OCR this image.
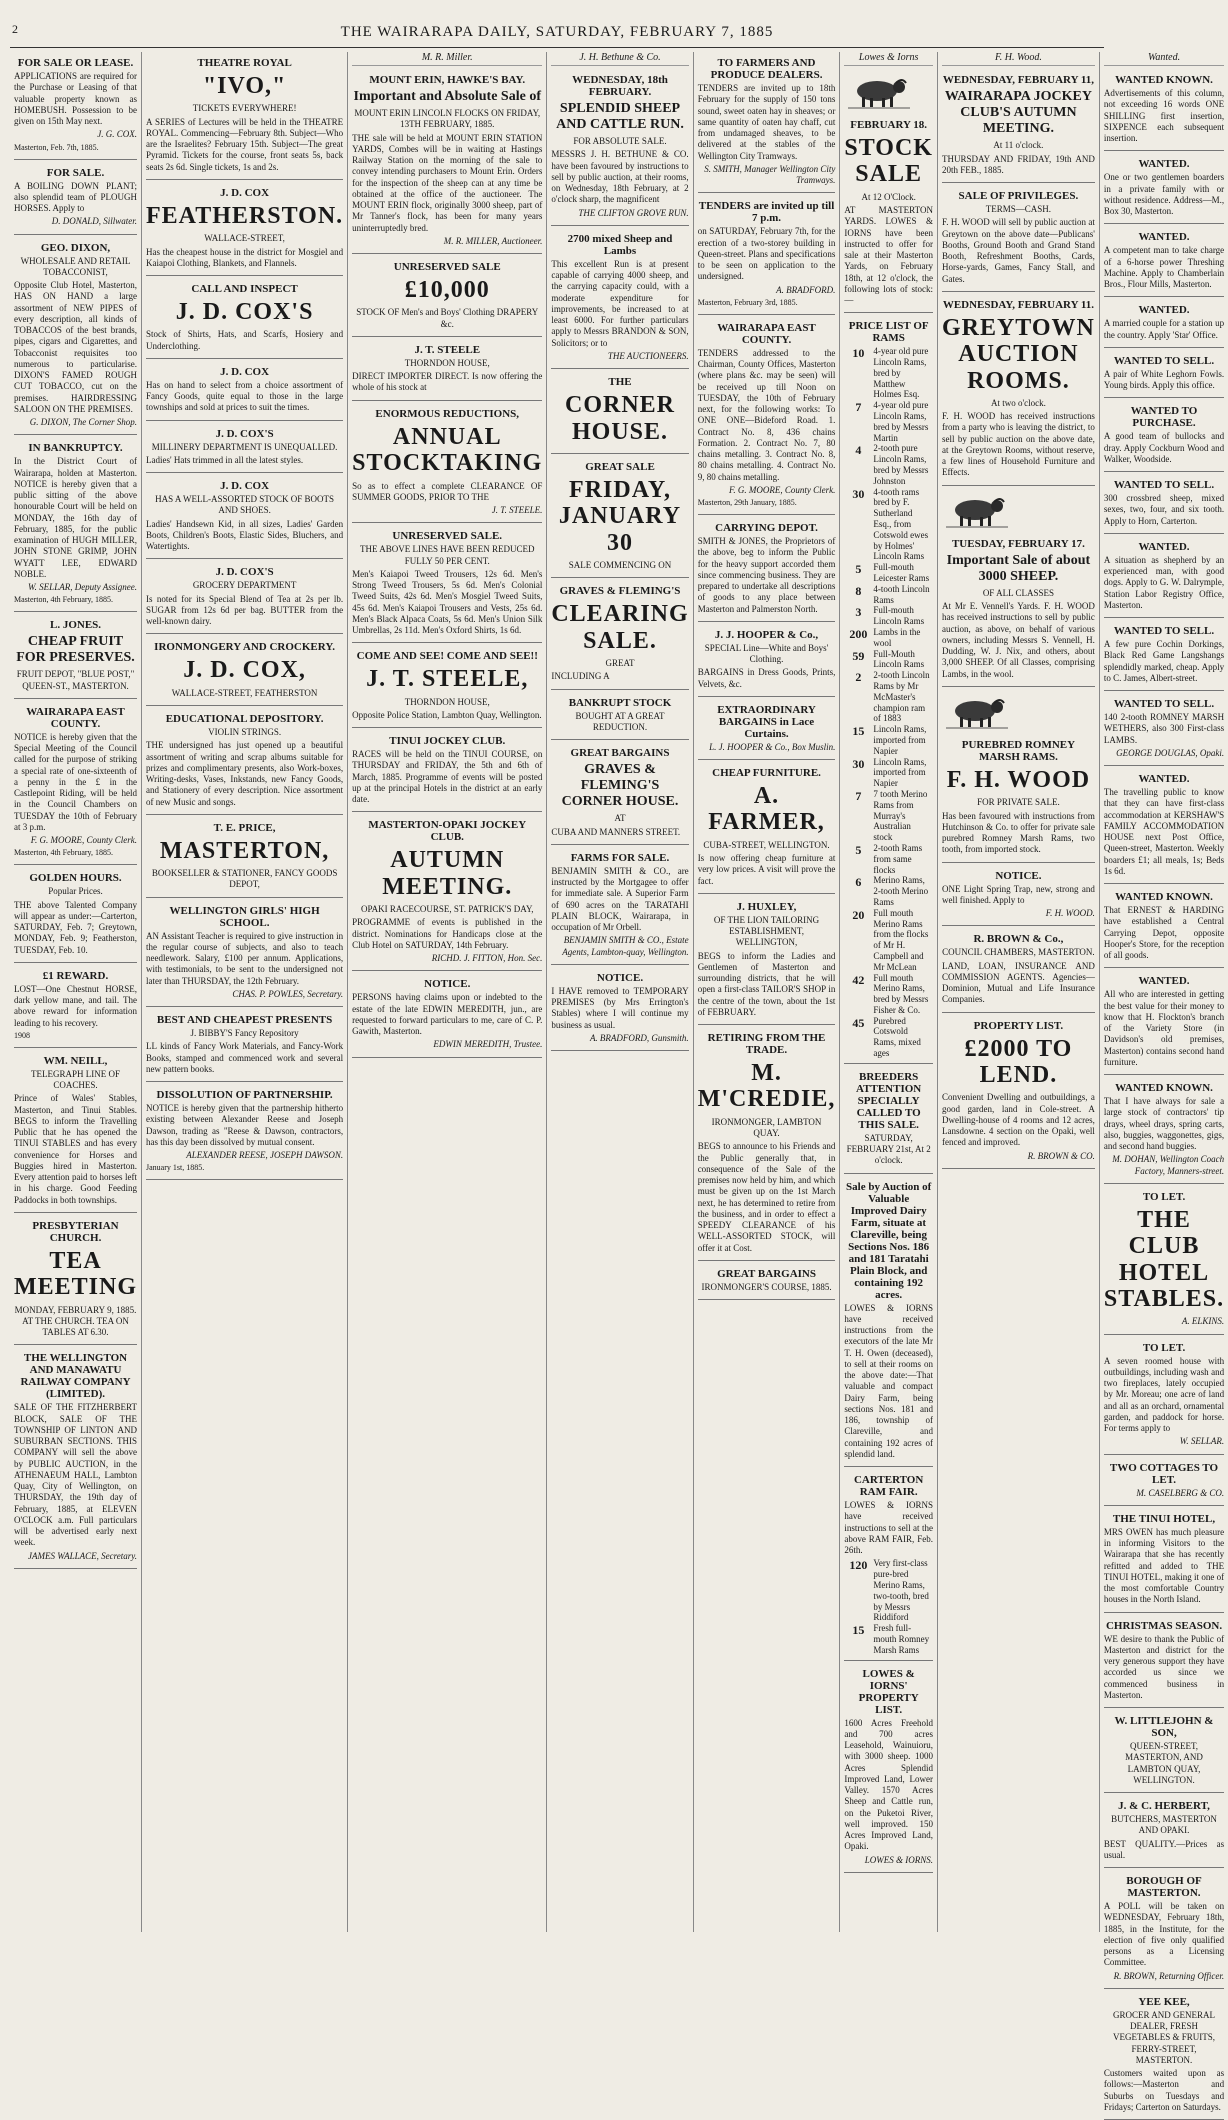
2	THE WAIRARAPA DAILY, SATURDAY, FEBRUARY 7, 1885
FOR SALE OR LEASE.
APPLICATIONS are required for the Purchase or Leasing of that valuable property known as HOMEBUSH. Possession to be given on 15th May next.
J. G. COX.
Masterton, Feb. 7th, 1885.
FOR SALE.
A BOILING DOWN PLANT; also splendid team of PLOUGH HORSES. Apply to
D. DONALD, Sillwater.
GEO. DIXON,
WHOLESALE AND RETAIL TOBACCONIST,
Opposite Club Hotel, Masterton, HAS ON HAND a large assortment of NEW PIPES of every description, all kinds of TOBACCOS of the best brands, pipes, cigars and Cigarettes, and Tobacconist requisites too numerous to particularise. DIXON'S FAMED ROUGH CUT TOBACCO, cut on the premises. HAIRDRESSING SALOON ON THE PREMISES.
G. DIXON, The Corner Shop.
IN BANKRUPTCY.
In the District Court of Wairarapa, holden at Masterton. NOTICE is hereby given that a public sitting of the above honourable Court will be held on MONDAY, the 16th day of February, 1885, for the public examination of HUGH MILLER, JOHN STONE GRIMP, JOHN WYATT LEE, EDWARD NOBLE.
W. SELLAR, Deputy Assignee.
Masterton, 4th February, 1885.
L. JONES.
CHEAP FRUIT FOR PRESERVES.
FRUIT DEPOT, "BLUE POST," QUEEN-ST., MASTERTON.
WAIRARAPA EAST COUNTY.
NOTICE is hereby given that the Special Meeting of the Council called for the purpose of striking a special rate of one-sixteenth of a penny in the £ in the Castlepoint Riding, will be held in the Council Chambers on TUESDAY the 10th of February at 3 p.m.
F. G. MOORE, County Clerk.
Masterton, 4th February, 1885.
GOLDEN HOURS.
Popular Prices.
THE above Talented Company will appear as under:—Carterton, SATURDAY, Feb. 7; Greytown, MONDAY, Feb. 9; Featherston, TUESDAY, Feb. 10.
£1 REWARD.
LOST—One Chestnut HORSE, dark yellow mane, and tail. The above reward for information leading to his recovery.
1908
WM. NEILL,
TELEGRAPH LINE OF COACHES.
Prince of Wales' Stables, Masterton, and Tinui Stables. BEGS to inform the Travelling Public that he has opened the TINUI STABLES and has every convenience for Horses and Buggies hired in Masterton. Every attention paid to horses left in his charge. Good Feeding Paddocks in both townships.
PRESBYTERIAN CHURCH.
TEA MEETING
MONDAY, FEBRUARY 9, 1885. AT THE CHURCH. TEA ON TABLES AT 6.30.
THE WELLINGTON AND MANAWATU RAILWAY COMPANY (LIMITED).
SALE OF THE FITZHERBERT BLOCK, SALE OF THE TOWNSHIP OF LINTON AND SUBURBAN SECTIONS. THIS COMPANY will sell the above by PUBLIC AUCTION, in the ATHENAEUM HALL, Lambton Quay, City of Wellington, on THURSDAY, the 19th day of February, 1885, at ELEVEN O'CLOCK a.m. Full particulars will be advertised early next week.
JAMES WALLACE, Secretary.
THEATRE ROYAL
"IVO,"
TICKETS EVERYWHERE!
A SERIES of Lectures will be held in the THEATRE ROYAL. Commencing—February 8th. Subject—Who are the Israelites? February 15th. Subject—The great Pyramid. Tickets for the course, front seats 5s, back seats 2s 6d. Single tickets, 1s and 2s.
J. D. COX
FEATHERSTON.
WALLACE-STREET,
Has the cheapest house in the district for Mosgiel and Kaiapoi Clothing, Blankets, and Flannels.
CALL AND INSPECT
J. D. COX'S
Stock of Shirts, Hats, and Scarfs, Hosiery and Underclothing.
J. D. COX
Has on hand to select from a choice assortment of Fancy Goods, quite equal to those in the large townships and sold at prices to suit the times.
J. D. COX'S
MILLINERY DEPARTMENT IS UNEQUALLED.
Ladies' Hats trimmed in all the latest styles.
J. D. COX
HAS A WELL-ASSORTED STOCK OF BOOTS AND SHOES.
Ladies' Handsewn Kid, in all sizes, Ladies' Garden Boots, Children's Boots, Elastic Sides, Bluchers, and Watertights.
J. D. COX'S
GROCERY DEPARTMENT
Is noted for its Special Blend of Tea at 2s per lb. SUGAR from 12s 6d per bag. BUTTER from the well-known dairy.
IRONMONGERY AND CROCKERY.
J. D. COX,
WALLACE-STREET, FEATHERSTON
EDUCATIONAL DEPOSITORY.
VIOLIN STRINGS.
THE undersigned has just opened up a beautiful assortment of writing and scrap albums suitable for prizes and complimentary presents, also Work-boxes, Writing-desks, Vases, Inkstands, new Fancy Goods, and Stationery of every description. Nice assortment of new Music and songs.
T. E. PRICE,
MASTERTON,
BOOKSELLER & STATIONER, FANCY GOODS DEPOT,
WELLINGTON GIRLS' HIGH SCHOOL.
AN Assistant Teacher is required to give instruction in the regular course of subjects, and also to teach needlework. Salary, £100 per annum. Applications, with testimonials, to be sent to the undersigned not later than THURSDAY, the 12th February.
CHAS. P. POWLES, Secretary.
BEST AND CHEAPEST PRESENTS
J. BIBBY'S Fancy Repository
LL kinds of Fancy Work Materials, and Fancy-Work Books, stamped and commenced work and several new pattern books.
DISSOLUTION OF PARTNERSHIP.
NOTICE is hereby given that the partnership hitherto existing between Alexander Reese and Joseph Dawson, trading as "Reese & Dawson, contractors, has this day been dissolved by mutual consent.
ALEXANDER REESE, JOSEPH DAWSON.
January 1st, 1885.
M. R. Miller.
MOUNT ERIN, HAWKE'S BAY.
Important and Absolute Sale of
MOUNT ERIN LINCOLN FLOCKS ON FRIDAY, 13TH FEBRUARY, 1885.
THE sale will be held at MOUNT ERIN STATION YARDS, Combes will be in waiting at Hastings Railway Station on the morning of the sale to convey intending purchasers to Mount Erin. Orders for the inspection of the sheep can at any time be obtained at the office of the auctioneer. The MOUNT ERIN flock, originally 3000 sheep, part of Mr Tanner's flock, has been for many years uninterruptedly bred.
M. R. MILLER, Auctioneer.
UNRESERVED SALE
£10,000
STOCK OF Men's and Boys' Clothing DRAPERY &c.
J. T. STEELE
THORNDON HOUSE,
DIRECT IMPORTER DIRECT. Is now offering the whole of his stock at
ENORMOUS REDUCTIONS,
ANNUAL STOCKTAKING
So as to effect a complete CLEARANCE OF SUMMER GOODS, PRIOR TO THE
J. T. STEELE.
UNRESERVED SALE.
THE ABOVE LINES HAVE BEEN REDUCED FULLY 50 PER CENT.
Men's Kaiapoi Tweed Trousers, 12s 6d. Men's Strong Tweed Trousers, 5s 6d. Men's Colonial Tweed Suits, 42s 6d. Men's Mosgiel Tweed Suits, 45s 6d. Men's Kaiapoi Trousers and Vests, 25s 6d. Men's Black Alpaca Coats, 5s 6d. Men's Union Silk Umbrellas, 2s 11d. Men's Oxford Shirts, 1s 6d.
COME AND SEE! COME AND SEE!!
J. T. STEELE,
THORNDON HOUSE,
Opposite Police Station, Lambton Quay, Wellington.
TINUI JOCKEY CLUB.
RACES will be held on the TINUI COURSE, on THURSDAY and FRIDAY, the 5th and 6th of March, 1885. Programme of events will be posted up at the principal Hotels in the district at an early date.
MASTERTON-OPAKI JOCKEY CLUB.
AUTUMN MEETING.
OPAKI RACECOURSE, ST. PATRICK'S DAY,
PROGRAMME of events is published in the district. Nominations for Handicaps close at the Club Hotel on SATURDAY, 14th February.
RICHD. J. FITTON, Hon. Sec.
NOTICE.
PERSONS having claims upon or indebted to the estate of the late EDWIN MEREDITH, jun., are requested to forward particulars to me, care of C. P. Gawith, Masterton.
EDWIN MEREDITH, Trustee.
J. H. Bethune & Co.
WEDNESDAY, 18th FEBRUARY.
SPLENDID SHEEP AND CATTLE RUN.
FOR ABSOLUTE SALE.
MESSRS J. H. BETHUNE & CO. have been favoured by instructions to sell by public auction, at their rooms, on Wednesday, 18th February, at 2 o'clock sharp, the magnificent
THE CLIFTON GROVE RUN.
2700 mixed Sheep and Lambs
This excellent Run is at present capable of carrying 4000 sheep, and the carrying capacity could, with a moderate expenditure for improvements, be increased to at least 6000. For further particulars apply to Messrs BRANDON & SON, Solicitors; or to
THE AUCTIONEERS.
THE
CORNER HOUSE.
GREAT SALE
FRIDAY, JANUARY 30
SALE COMMENCING ON
GRAVES & FLEMING'S
CLEARING SALE.
GREAT
INCLUDING A
BANKRUPT STOCK
BOUGHT AT A GREAT REDUCTION.
GREAT BARGAINS
GRAVES & FLEMING'S CORNER HOUSE.
AT
CUBA AND MANNERS STREET.
FARMS FOR SALE.
BENJAMIN SMITH & CO., are instructed by the Mortgagee to offer for immediate sale. A Superior Farm of 690 acres on the TARATAHI PLAIN BLOCK, Wairarapa, in occupation of Mr Orbell.
BENJAMIN SMITH & CO., Estate Agents, Lambton-quay, Wellington.
NOTICE.
I HAVE removed to TEMPORARY PREMISES (by Mrs Errington's Stables) where I will continue my business as usual.
A. BRADFORD, Gunsmith.
TO FARMERS AND PRODUCE DEALERS.
TENDERS are invited up to 18th February for the supply of 150 tons sound, sweet oaten hay in sheaves; or same quantity of oaten hay chaff, cut from undamaged sheaves, to be delivered at the stables of the Wellington City Tramways.
S. SMITH, Manager Wellington City Tramways.
TENDERS are invited up till 7 p.m.
on SATURDAY, February 7th, for the erection of a two-storey building in Queen-street. Plans and specifications to be seen on application to the undersigned.
A. BRADFORD.
Masterton, February 3rd, 1885.
WAIRARAPA EAST COUNTY.
TENDERS addressed to the Chairman, County Offices, Masterton (where plans &c. may be seen) will be received up till Noon on TUESDAY, the 10th of February next, for the following works: To ONE ONE—Bideford Road. 1. Contract No. 8, 436 chains Formation. 2. Contract No. 7, 80 chains metalling. 3. Contract No. 8, 80 chains metalling. 4. Contract No. 9, 80 chains metalling.
F. G. MOORE, County Clerk.
Masterton, 29th January, 1885.
CARRYING DEPOT.
SMITH & JONES, the Proprietors of the above, beg to inform the Public for the heavy support accorded them since commencing business. They are prepared to undertake all descriptions of goods to any place between Masterton and Palmerston North.
J. J. HOOPER & Co.,
SPECIAL Line—White and Boys' Clothing.
BARGAINS in Dress Goods, Prints, Velvets, &c.
EXTRAORDINARY BARGAINS in Lace Curtains.
L. J. HOOPER & Co., Box Muslin.
CHEAP FURNITURE.
A. FARMER,
CUBA-STREET, WELLINGTON.
Is now offering cheap furniture at very low prices. A visit will prove the fact.
J. HUXLEY,
OF THE LION TAILORING ESTABLISHMENT, WELLINGTON,
BEGS to inform the Ladies and Gentlemen of Masterton and surrounding districts, that he will open a first-class TAILOR'S SHOP in the centre of the town, about the 1st of FEBRUARY.
RETIRING FROM THE TRADE.
M. M'CREDIE,
IRONMONGER, LAMBTON QUAY.
BEGS to announce to his Friends and the Public generally that, in consequence of the Sale of the premises now held by him, and which must be given up on the 1st March next, he has determined to retire from the business, and in order to effect a SPEEDY CLEARANCE of his WELL-ASSORTED STOCK, will offer it at Cost.
GREAT BARGAINS
IRONMONGER'S COURSE, 1885.
Lowes & Iorns
FEBRUARY 18.
STOCK SALE
At 12 O'Clock.
AT MASTERTON YARDS. LOWES & IORNS have been instructed to offer for sale at their Masterton Yards, on February 18th, at 12 o'clock, the following lots of stock:—
PRICE LIST OF RAMS
10	4-year old pure Lincoln Rams, bred by Matthew Holmes Esq.
7	4-year old pure Lincoln Rams, bred by Messrs Martin
4	2-tooth pure Lincoln Rams, bred by Messrs Johnston
30	4-tooth rams bred by F. Sutherland Esq., from Cotswold ewes by Holmes' Lincoln Rams
5	Full-mouth Leicester Rams
8	4-tooth Lincoln Rams
3	Full-mouth Lincoln Rams
200	Lambs in the wool
59	Full-Mouth Lincoln Rams
2	2-tooth Lincoln Rams by Mr McMaster's champion ram of 1883
15	Lincoln Rams, imported from Napier
30	Lincoln Rams, imported from Napier
7	7 tooth Merino Rams from Murray's Australian stock
5	2-tooth Rams from same flocks
6	Merino Rams, 2-tooth Merino Rams
20	Full mouth Merino Rams from the flocks of Mr H. Campbell and Mr McLean
42	Full mouth Merino Rams, bred by Messrs Fisher & Co.
45	Purebred Cotswold Rams, mixed ages
BREEDERS ATTENTION SPECIALLY CALLED TO THIS SALE.
SATURDAY, FEBRUARY 21st, At 2 o'clock.
Sale by Auction of Valuable Improved Dairy Farm, situate at Clareville, being Sections Nos. 186 and 181 Taratahi Plain Block, and containing 192 acres.
LOWES & IORNS have received instructions from the executors of the late Mr T. H. Owen (deceased), to sell at their rooms on the above date:—That valuable and compact Dairy Farm, being sections Nos. 181 and 186, township of Clareville, and containing 192 acres of splendid land.
CARTERTON RAM FAIR.
LOWES & IORNS have received instructions to sell at the above RAM FAIR, Feb. 26th.
120	Very first-class pure-bred Merino Rams, two-tooth, bred by Messrs Riddiford
15	Fresh full-mouth Romney Marsh Rams
LOWES & IORNS' PROPERTY LIST.
1600 Acres Freehold and 700 acres Leasehold, Wainuioru, with 3000 sheep. 1000 Acres Splendid Improved Land, Lower Valley. 1570 Acres Sheep and Cattle run, on the Puketoi River, well improved. 150 Acres Improved Land, Opaki.
LOWES & IORNS.
F. H. Wood.
WEDNESDAY, FEBRUARY 11,
WAIRARAPA JOCKEY CLUB'S AUTUMN MEETING.
At 11 o'clock.
THURSDAY AND FRIDAY, 19th AND 20th FEB., 1885.
SALE OF PRIVILEGES.
TERMS—CASH.
F. H. WOOD will sell by public auction at Greytown on the above date—Publicans' Booths, Ground Booth and Grand Stand Booth, Refreshment Booths, Cards, Horse-yards, Games, Fancy Stall, and Gates.
WEDNESDAY, FEBRUARY 11.
GREYTOWN AUCTION ROOMS.
At two o'clock.
F. H. WOOD has received instructions from a party who is leaving the district, to sell by public auction on the above date, at the Greytown Rooms, without reserve, a few lines of Household Furniture and Effects.
TUESDAY, FEBRUARY 17.
Important Sale of about 3000 SHEEP.
OF ALL CLASSES
At Mr E. Vennell's Yards. F. H. WOOD has received instructions to sell by public auction, as above, on behalf of various owners, including Messrs S. Vennell, H. Dudding, W. J. Nix, and others, about 3,000 SHEEP. Of all Classes, comprising Lambs, in the wool.
PUREBRED ROMNEY MARSH RAMS.
F. H. WOOD
FOR PRIVATE SALE.
Has been favoured with instructions from Hutchinson & Co. to offer for private sale purebred Romney Marsh Rams, two tooth, from imported stock.
NOTICE.
ONE Light Spring Trap, new, strong and well finished. Apply to
F. H. WOOD.
R. BROWN & Co.,
COUNCIL CHAMBERS, MASTERTON.
LAND, LOAN, INSURANCE AND COMMISSION AGENTS. Agencies—Dominion, Mutual and Life Insurance Companies.
PROPERTY LIST.
£2000 TO LEND.
Convenient Dwelling and outbuildings, a good garden, land in Cole-street. A Dwelling-house of 4 rooms and 12 acres, Lansdowne. 4 section on the Opaki, well fenced and improved.
R. BROWN & CO.
Wanted.
WANTED KNOWN.
Advertisements of this column, not exceeding 16 words ONE SHILLING first insertion, SIXPENCE each subsequent insertion.
WANTED.
One or two gentlemen boarders in a private family with or without residence. Address—M., Box 30, Masterton.
WANTED.
A competent man to take charge of a 6-horse power Threshing Machine. Apply to Chamberlain Bros., Flour Mills, Masterton.
WANTED.
A married couple for a station up the country. Apply 'Star' Office.
WANTED TO SELL.
A pair of White Leghorn Fowls. Young birds. Apply this office.
WANTED TO PURCHASE.
A good team of bullocks and dray. Apply Cockburn Wood and Walker, Woodside.
WANTED TO SELL.
300 crossbred sheep, mixed sexes, two, four, and six tooth. Apply to Horn, Carterton.
WANTED.
A situation as shepherd by an experienced man, with good dogs. Apply to G. W. Dalrymple, Station Labor Registry Office, Masterton.
WANTED TO SELL.
A few pure Cochin Dorkings, Black Red Game Langshangs splendidly marked, cheap. Apply to C. James, Albert-street.
WANTED TO SELL.
140 2-tooth ROMNEY MARSH WETHERS, also 300 First-class LAMBS.
GEORGE DOUGLAS, Opaki.
WANTED.
The travelling public to know that they can have first-class accommodation at KERSHAW'S FAMILY ACCOMMODATION HOUSE next Post Office, Queen-street, Masterton. Weekly boarders £1; all meals, 1s; Beds 1s 6d.
WANTED KNOWN.
That ERNEST & HARDING have established a Central Carrying Depot, opposite Hooper's Store, for the reception of all goods.
WANTED.
All who are interested in getting the best value for their money to know that H. Flockton's branch of the Variety Store (in Davidson's old premises, Masterton) contains second hand furniture.
WANTED KNOWN.
That I have always for sale a large stock of contractors' tip drays, wheel drays, spring carts, also, buggies, waggonettes, gigs, and second hand buggies.
M. DOHAN, Wellington Coach Factory, Manners-street.
TO LET.
THE CLUB HOTEL STABLES.
A. ELKINS.
TO LET.
A seven roomed house with outbuildings, including wash and two fireplaces, lately occupied by Mr. Moreau; one acre of land and all as an orchard, ornamental garden, and paddock for horse. For terms apply to
W. SELLAR.
TWO COTTAGES TO LET.
M. CASELBERG & CO.
THE TINUI HOTEL,
MRS OWEN has much pleasure in informing Visitors to the Wairarapa that she has recently refitted and added to THE TINUI HOTEL, making it one of the most comfortable Country houses in the North Island.
CHRISTMAS SEASON.
WE desire to thank the Public of Masterton and district for the very generous support they have accorded us since we commenced business in Masterton.
W. LITTLEJOHN & SON,
QUEEN-STREET, MASTERTON, AND LAMBTON QUAY, WELLINGTON.
J. & C. HERBERT,
BUTCHERS, MASTERTON AND OPAKI.
BEST QUALITY.—Prices as usual.
BOROUGH OF MASTERTON.
A POLL will be taken on WEDNESDAY, February 18th, 1885, in the Institute, for the election of five only qualified persons as a Licensing Committee.
R. BROWN, Returning Officer.
YEE KEE,
GROCER AND GENERAL DEALER, FRESH VEGETABLES & FRUITS, FERRY-STREET, MASTERTON.
Customers waited upon as follows:—Masterton and Suburbs on Tuesdays and Fridays; Carterton on Saturdays.
